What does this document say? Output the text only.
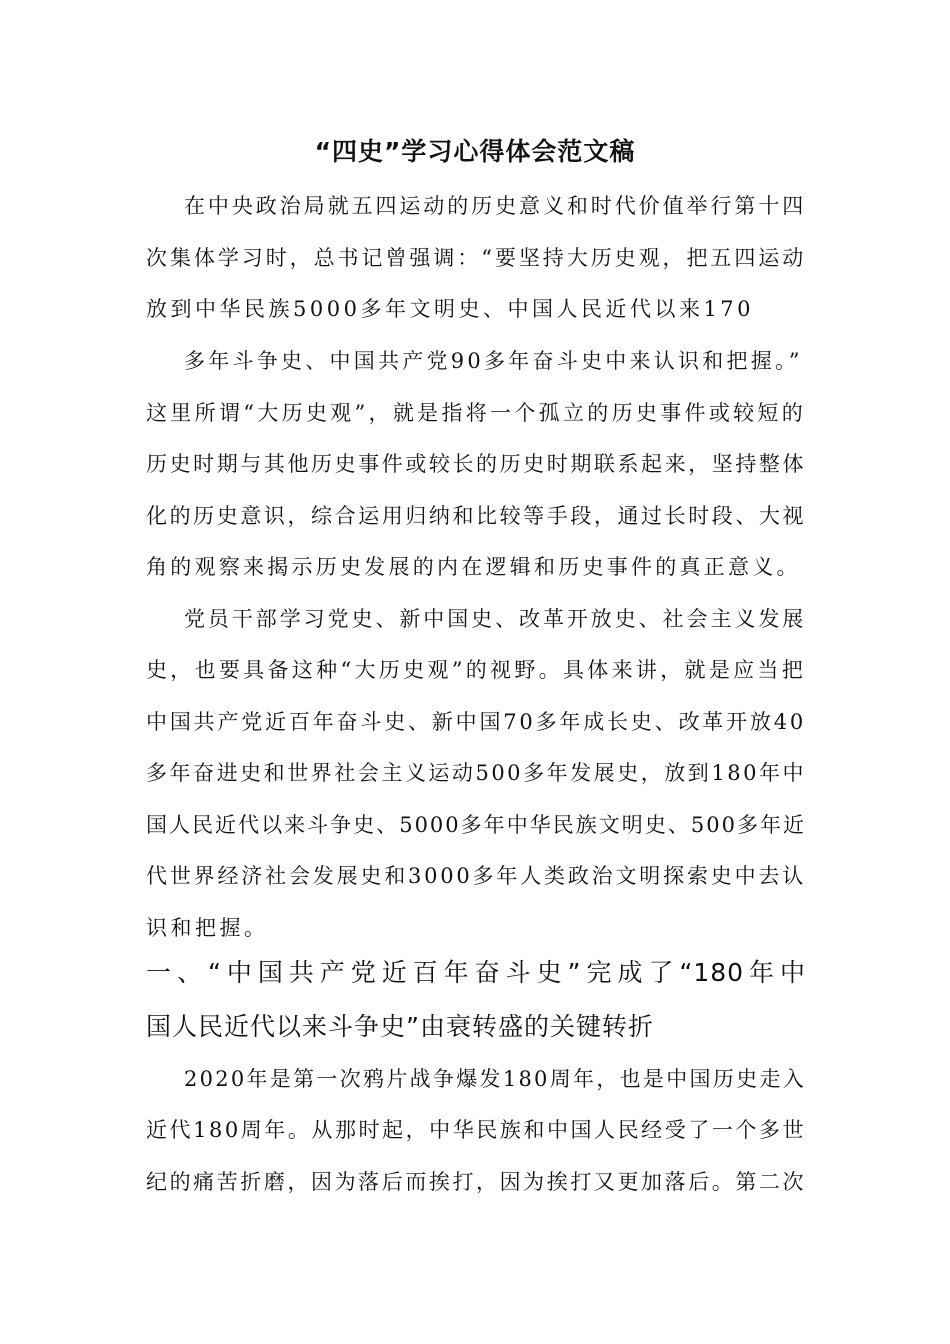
“四史”学习心得体会范文稿
在中央政治局就五四运动的历史意义和时代价值举行第十四
次集体学习时，总书记曾强调：“要坚持大历史观，把五四运动
放到中华民族5000多年文明史、中国人民近代以来170
多年斗争史、中国共产党90多年奋斗史中来认识和把握。”
这里所谓“大历史观”，就是指将一个孤立的历史事件或较短的
历史时期与其他历史事件或较长的历史时期联系起来，坚持整体
化的历史意识，综合运用归纳和比较等手段，通过长时段、大视
角的观察来揭示历史发展的内在逻辑和历史事件的真正意义。
党员干部学习党史、新中国史、改革开放史、社会主义发展
史，也要具备这种“大历史观”的视野。具体来讲，就是应当把
中国共产党近百年奋斗史、新中国70多年成长史、改革开放40
多年奋进史和世界社会主义运动500多年发展史，放到180年中
国人民近代以来斗争史、5000多年中华民族文明史、500多年近
代世界经济社会发展史和3000多年人类政治文明探索史中去认
识和把握。
一、“中国共产党近百年奋斗史”完成了“180年中
国人民近代以来斗争史”由衰转盛的关键转折
2020年是第一次鸦片战争爆发180周年，也是中国历史走入
近代180周年。从那时起，中华民族和中国人民经受了一个多世
纪的痛苦折磨，因为落后而挨打，因为挨打又更加落后。第二次
